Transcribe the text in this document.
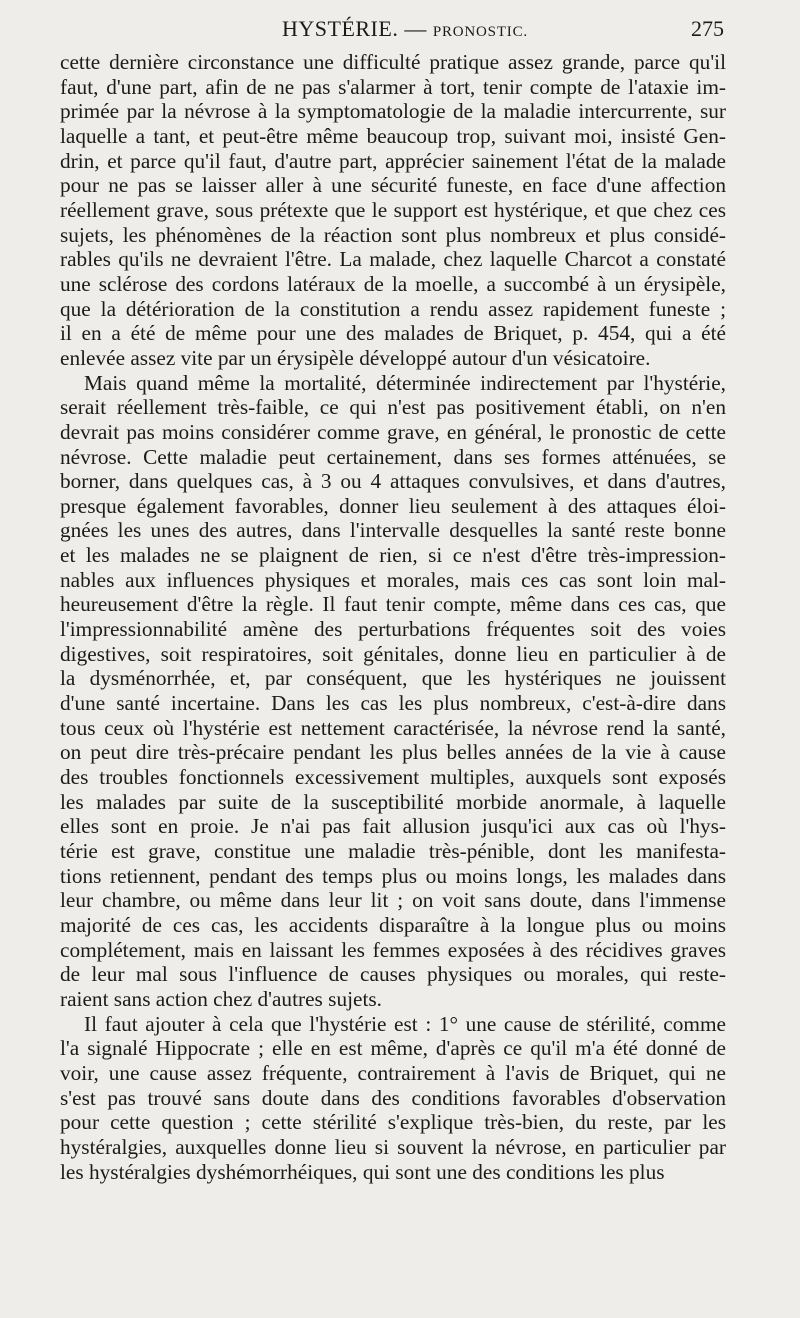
HYSTÉRIE. — PRONOSTIC.	275

cette dernière circonstance une difficulté pratique assez grande, parce qu'il
faut, d'une part, afin de ne pas s'alarmer à tort, tenir compte de l'ataxie im-
primée par la névrose à la symptomatologie de la maladie intercurrente, sur
laquelle a tant, et peut-être même beaucoup trop, suivant moi, insisté Gen-
drin, et parce qu'il faut, d'autre part, apprécier sainement l'état de la malade
pour ne pas se laisser aller à une sécurité funeste, en face d'une affection
réellement grave, sous prétexte que le support est hystérique, et que chez ces
sujets, les phénomènes de la réaction sont plus nombreux et plus considé-
rables qu'ils ne devraient l'être. La malade, chez laquelle Charcot a constaté
une sclérose des cordons latéraux de la moelle, a succombé à un érysipèle,
que la détérioration de la constitution a rendu assez rapidement funeste ;
il en a été de même pour une des malades de Briquet, p. 454, qui a été
enlevée assez vite par un érysipèle développé autour d'un vésicatoire.

Mais quand même la mortalité, déterminée indirectement par l'hystérie,
serait réellement très-faible, ce qui n'est pas positivement établi, on n'en
devrait pas moins considérer comme grave, en général, le pronostic de cette
névrose. Cette maladie peut certainement, dans ses formes atténuées, se
borner, dans quelques cas, à 3 ou 4 attaques convulsives, et dans d'autres,
presque également favorables, donner lieu seulement à des attaques éloi-
gnées les unes des autres, dans l'intervalle desquelles la santé reste bonne
et les malades ne se plaignent de rien, si ce n'est d'être très-impression-
nables aux influences physiques et morales, mais ces cas sont loin mal-
heureusement d'être la règle. Il faut tenir compte, même dans ces cas, que
l'impressionnabilité amène des perturbations fréquentes soit des voies
digestives, soit respiratoires, soit génitales, donne lieu en particulier à de
la dysménorrhée, et, par conséquent, que les hystériques ne jouissent
d'une santé incertaine. Dans les cas les plus nombreux, c'est-à-dire dans
tous ceux où l'hystérie est nettement caractérisée, la névrose rend la santé,
on peut dire très-précaire pendant les plus belles années de la vie à cause
des troubles fonctionnels excessivement multiples, auxquels sont exposés
les malades par suite de la susceptibilité morbide anormale, à laquelle
elles sont en proie. Je n'ai pas fait allusion jusqu'ici aux cas où l'hys-
térie est grave, constitue une maladie très-pénible, dont les manifesta-
tions retiennent, pendant des temps plus ou moins longs, les malades dans
leur chambre, ou même dans leur lit ; on voit sans doute, dans l'immense
majorité de ces cas, les accidents disparaître à la longue plus ou moins
complétement, mais en laissant les femmes exposées à des récidives graves
de leur mal sous l'influence de causes physiques ou morales, qui reste-
raient sans action chez d'autres sujets.

Il faut ajouter à cela que l'hystérie est : 1° une cause de stérilité, comme
l'a signalé Hippocrate ; elle en est même, d'après ce qu'il m'a été donné de
voir, une cause assez fréquente, contrairement à l'avis de Briquet, qui ne
s'est pas trouvé sans doute dans des conditions favorables d'observation
pour cette question ; cette stérilité s'explique très-bien, du reste, par les
hystéralgies, auxquelles donne lieu si souvent la névrose, en particulier par
les hystéralgies dyshémorrhéiques, qui sont une des conditions les plus
